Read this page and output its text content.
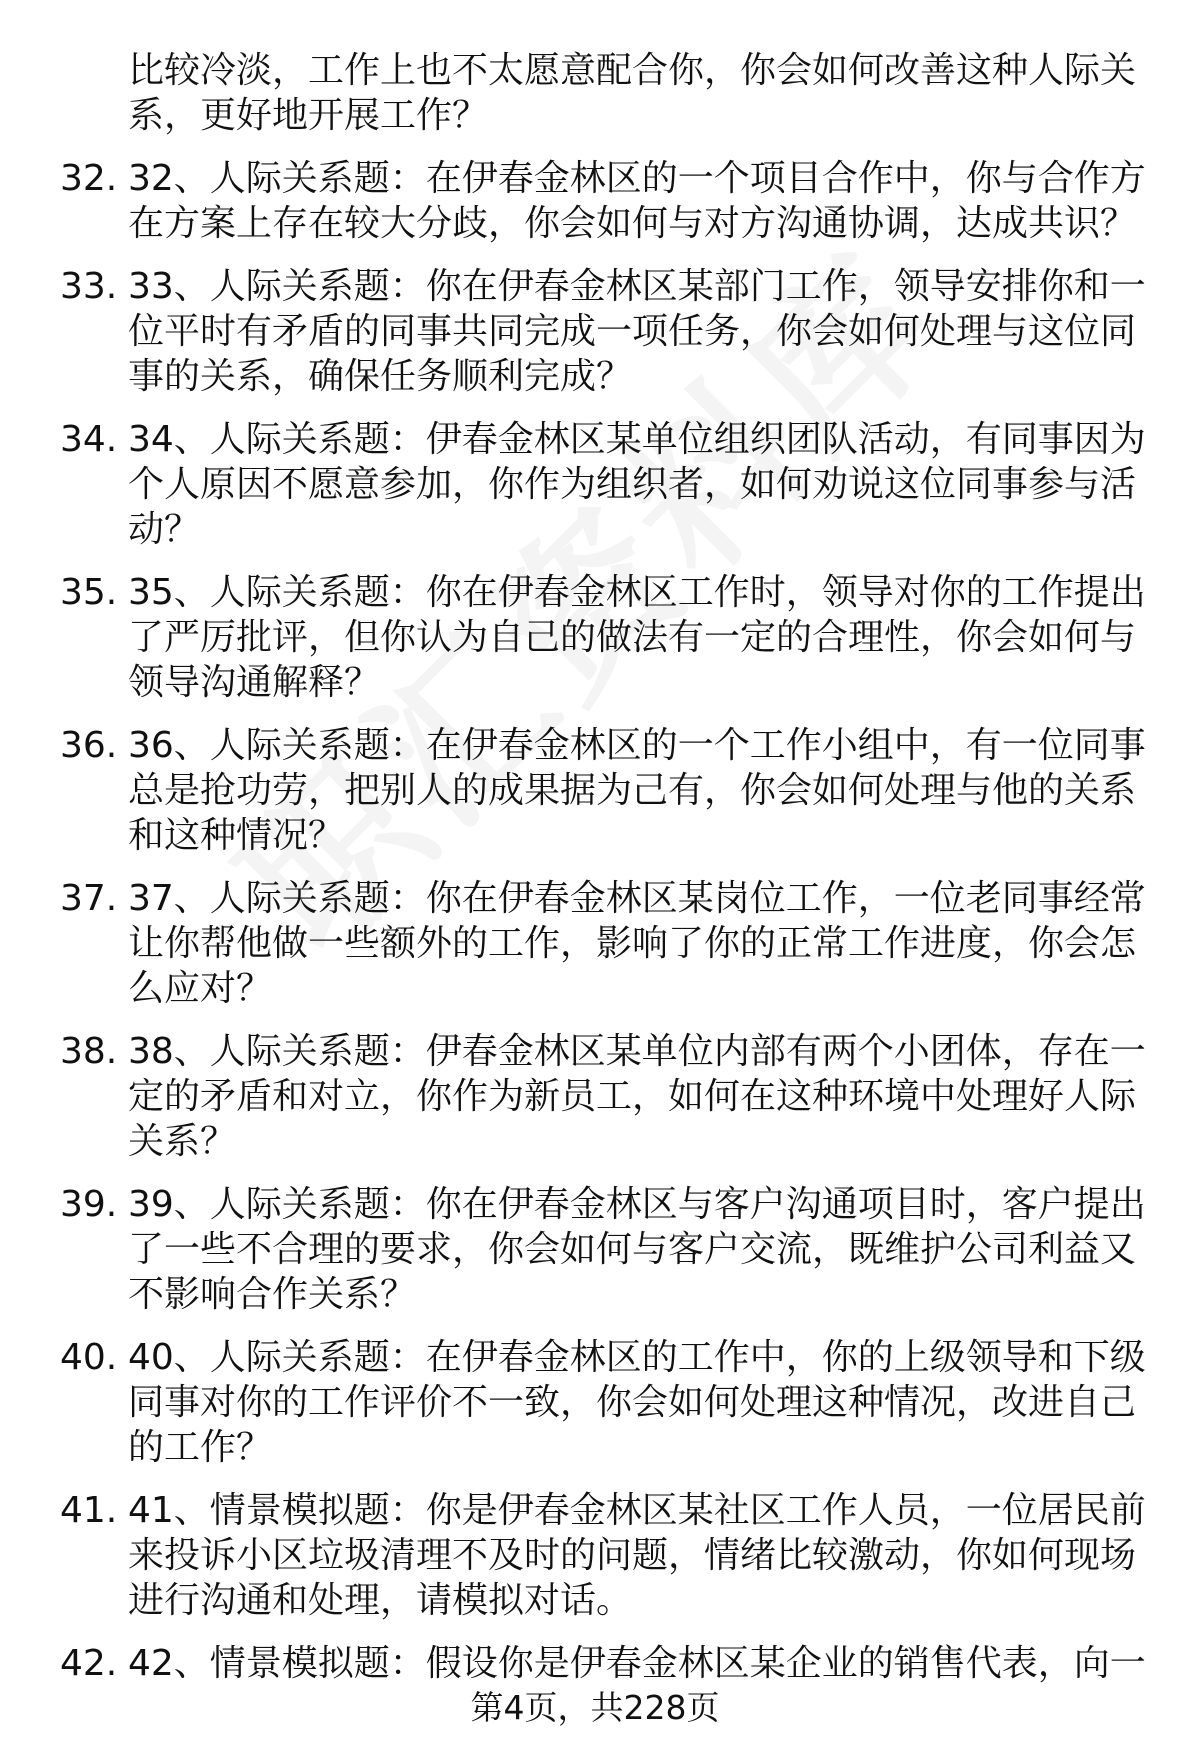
比较冷淡，工作上也不太愿意配合你，你会如何改善这种人际关
系，更好地开展工作？
32. 32、人际关系题：在伊春金林区的一个项目合作中，你与合作方
在方案上存在较大分歧，你会如何与对方沟通协调，达成共识？
33. 33、人际关系题：你在伊春金林区某部门工作，领导安排你和一
位平时有矛盾的同事共同完成一项任务，你会如何处理与这位同
事的关系，确保任务顺利完成？
34. 34、人际关系题：伊春金林区某单位组织团队活动，有同事因为
个人原因不愿意参加，你作为组织者，如何劝说这位同事参与活
动？
35. 35、人际关系题：你在伊春金林区工作时，领导对你的工作提出
了严厉批评，但你认为自己的做法有一定的合理性，你会如何与
领导沟通解释？
36. 36、人际关系题：在伊春金林区的一个工作小组中，有一位同事
总是抢功劳，把别人的成果据为己有，你会如何处理与他的关系
和这种情况？
37. 37、人际关系题：你在伊春金林区某岗位工作，一位老同事经常
让你帮他做一些额外的工作，影响了你的正常工作进度，你会怎
么应对？
38. 38、人际关系题：伊春金林区某单位内部有两个小团体，存在一
定的矛盾和对立，你作为新员工，如何在这种环境中处理好人际
关系？
39. 39、人际关系题：你在伊春金林区与客户沟通项目时，客户提出
了一些不合理的要求，你会如何与客户交流，既维护公司利益又
不影响合作关系？
40. 40、人际关系题：在伊春金林区的工作中，你的上级领导和下级
同事对你的工作评价不一致，你会如何处理这种情况，改进自己
的工作？
41. 41、情景模拟题：你是伊春金林区某社区工作人员，一位居民前
来投诉小区垃圾清理不及时的问题，情绪比较激动，你如何现场
进行沟通和处理，请模拟对话。
42. 42、情景模拟题：假设你是伊春金林区某企业的销售代表，向一
第4页，共228页
